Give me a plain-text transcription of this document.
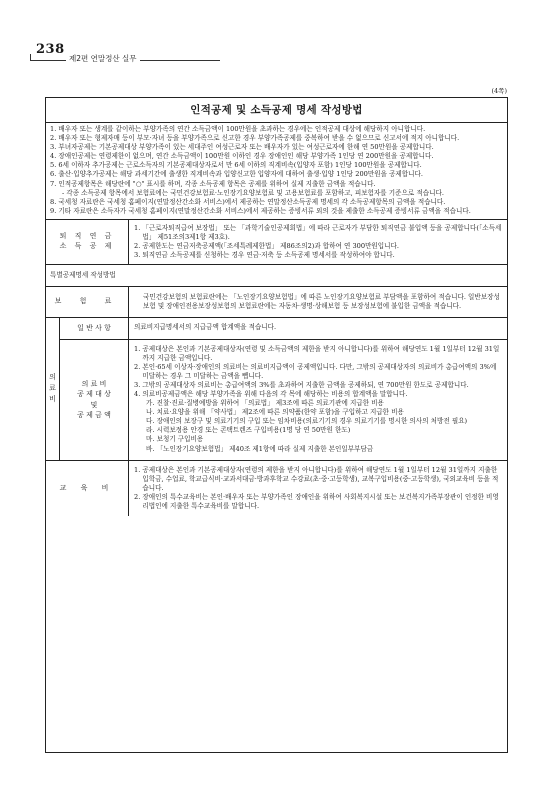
238
제2편 연말정산 실무
(4쪽)
인적공제 및 소득공제 명세 작성방법
1.
배우자 또는 생계를 같이하는 부양가족의 연간 소득금액이 100만원을 초과하는 경우에는 인적공제 대상에 해당하지 아니합니다.
2.
배우자 또는 형제자매 등이 부모·자녀 등을 부양가족으로 신고한 경우 부양가족공제를 중복하여 받을 수 없으므로 신고서에 적지 아니합니다.
3.
부녀자공제는 기본공제대상 부양가족이 있는 세대주인 여성근로자 또는 배우자가 있는 여성근로자에 한해 연 50만원을 공제합니다.
4.
장애인공제는 연령제한이 없으며, 연간 소득금액이 100만원 이하인 경우 장애인인 해당 부양가족 1인당 연 200만원을 공제합니다.
5.
6세 이하자 추가공제는 근로소득자의 기본공제대상자로서 만 6세 이하의 직계비속(입양자 포함) 1인당 100만원을 공제합니다.
6.
출산·입양추가공제는 해당 과세기간에 출생한 직계비속과 입양신고한 입양자에 대하여 출생·입양 1인당 200만원을 공제합니다.
7.
인적공제항목은 해당란에 "○" 표시를 하며, 각종 소득공제 항목은 공제를 위하여 실제 지출한 금액을 적습니다.
-
각종 소득공제 항목에서 보험료에는 국민건강보험료·노인장기요양보험료 및 고용보험료를 포함하고, 피보험자를 기준으로 적습니다.
8.
국세청 자료란은 국세청 홈페이지(연말정산간소화 서비스)에서 제공하는 연말정산소득공제 명세의 각 소득공제항목의 금액을 적습니다.
9.
기타 자료란은 소득자가 국세청 홈페이지(연말정산간소화 서비스)에서 제공하는 증빙서류 외의 것을 제출한 소득공제 증빙서류 금액을 적습니다.
퇴 직 연 금
소 득 공 제
1.
「근로자퇴직급여 보장법」 또는 「과학기술인공제회법」에 따라 근로자가 부담한 퇴직연금 불입액 등을 공제합니다(「소득세법」 제51조의3제1항 제3호).
2.
공제한도는 연금저축공제액(「조세특례제한법」 제86조의2)과 합하여 연 300만원입니다.
3.
퇴직연금 소득공제를 신청하는 경우 연금·저축 등 소득공제 명세서를 작성하여야 합니다.
특별공제명세 작성방법
보 험 료	국민건강보험의 보험료란에는 「노인장기요양보험법」에 따른 노인장기요양보험료 부담액을 포함하여 적습니다. 일반보장성보험 및 장애인전용보장성보험의 보험료란에는 자동차·생명·상해보험 등 보장성보험에 불입한 금액을 적습니다.
의
료
비
일 반 사 항	의료비지급명세서의 지급금액 합계액을 적습니다.
의 료 비
공 제 대 상
및
공 제 금 액
1.
공제대상은 본인과 기본공제대상자(연령 및 소득금액의 제한을 받지 아니합니다)를 위하여 해당연도 1월 1일부터 12월 31일까지 지급한 금액입니다.
2.
본인·65세 이상자·장애인의 의료비는 의료비지급액이 공제액입니다. 다만, 그밖의 공제대상자의 의료비가 총급여액의 3%에 미달하는 경우 그 미달하는 금액을 뺍니다.
3.
그밖의 공제대상자 의료비는 총급여액의 3%를 초과하여 지출한 금액을 공제하되, 연 700만원 한도로 공제합니다.
4.
의료비공제금액은 해당 부양가족을 위해 다음의 각 목에 해당하는 비용의 합계액을 말합니다.
가.
진찰·진료·질병예방을 위하여 「의료법」 제3조에 따른 의료기관에 지급한 비용
나.
치료·요양을 위해 「약사법」 제2조에 따른 의약품(한약 포함)을 구입하고 지급한 비용
다.
장애인의 보장구 및 의료기기의 구입 또는 임차비용(의료기기의 경우 의료기기를 명시한 의사의 처방전 필요)
라.
시력보정용 안경 또는 콘택트렌즈 구입비용(1명 당 연 50만원 한도)
마.
보청기 구입비용
바.
「노인장기요양보험법」 제40조 제1항에 따라 실제 지출한 본인일부부담금
교 육 비
1.
공제대상은 본인과 기본공제대상자(연령의 제한을 받지 아니합니다)를 위하여 해당연도 1월 1일부터 12월 31일까지 지출한 입학금, 수업료, 학교급식비·교과서대금·방과후학교 수강료(초·중·고등학생), 교복구입비용(중·고등학생), 국외교육비 등을 적습니다.
2.
장애인의 특수교육비는 본인·배우자 또는 부양가족인 장애인을 위하여 사회복지시설 또는 보건복지가족부장관이 인정한 비영리법인에 지출한 특수교육비를 말합니다.
